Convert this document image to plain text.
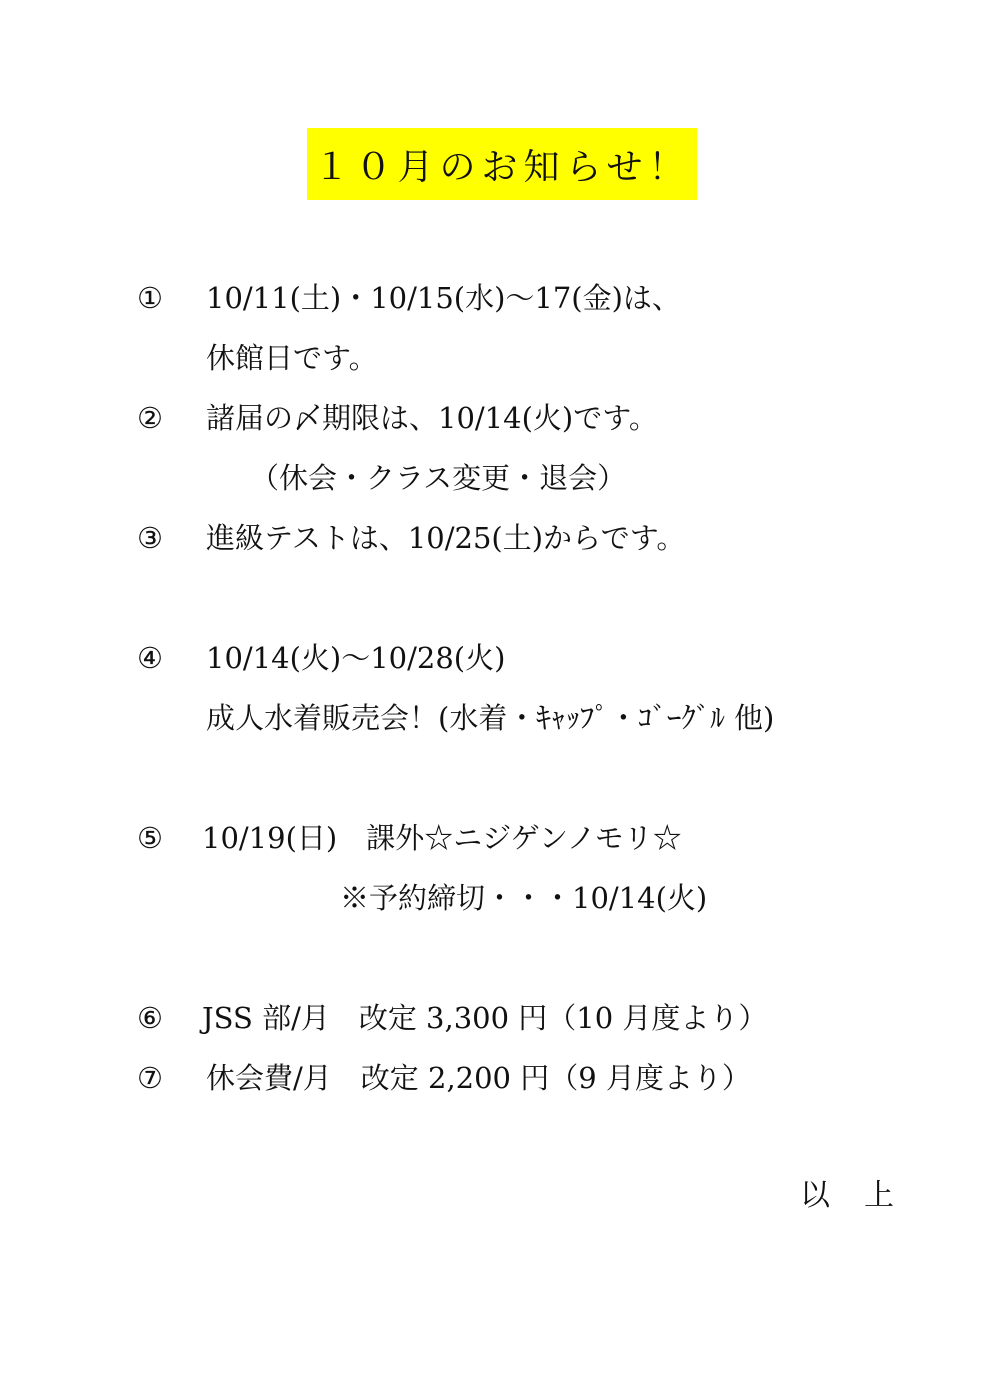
１０月のお知らせ！
① 10/11(土)・10/15(水)～17(金)は、
休館日です。
② 諸届の〆期限は、10/14(火)です。
（休会・クラス変更・退会）
③ 進級テストは、10/25(土)からです。
④ 10/14(火)～10/28(火)
成人水着販売会！(水着・ｷｬｯﾌﾟ・ｺﾞｰｸﾞﾙ 他)
⑤ 10/19(日)　課外☆ニジゲンノモリ☆
※予約締切・・・10/14(火)
⑥ JSS 部/月　改定 3,300 円（10 月度より）
⑦ 休会費/月　改定 2,200 円（9 月度より）
以　上
